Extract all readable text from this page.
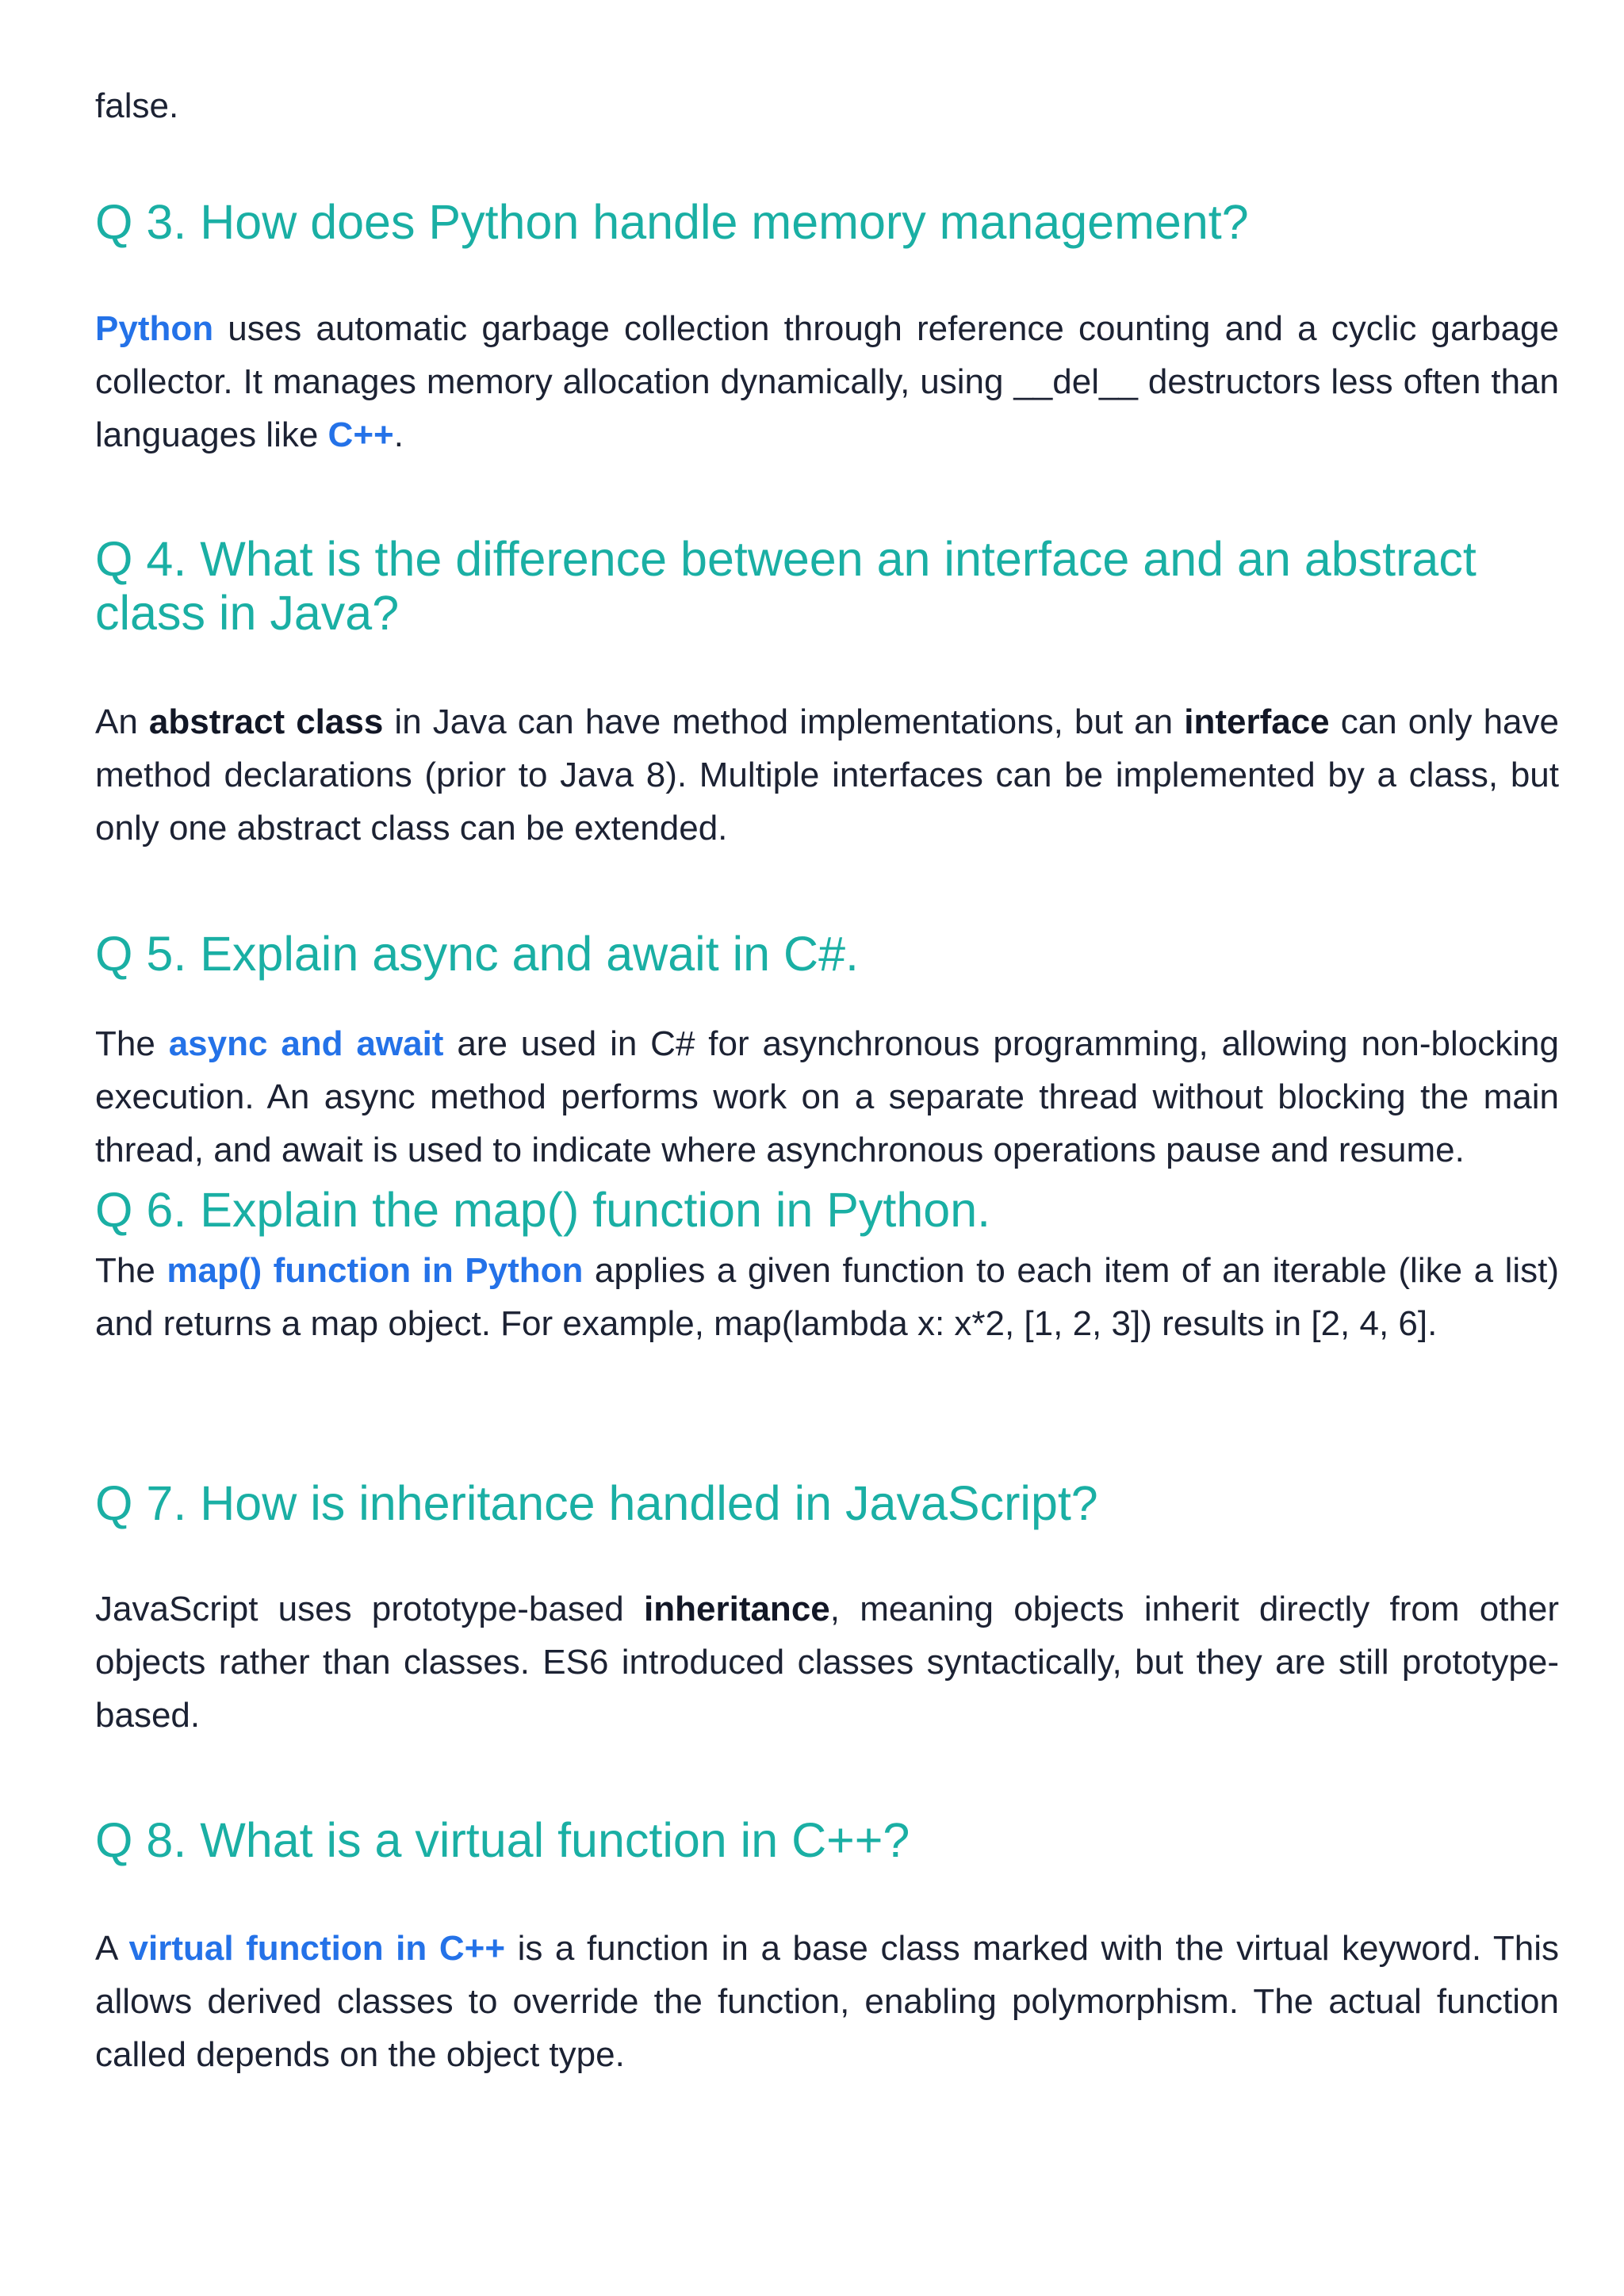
false.

Q 3. How does Python handle memory management?

Python uses automatic garbage collection through reference counting and a cyclic garbage collector. It manages memory allocation dynamically, using __del__ destructors less often than languages like C++.

Q 4. What is the difference between an interface and an abstract class in Java?

An abstract class in Java can have method implementations, but an interface can only have method declarations (prior to Java 8). Multiple interfaces can be implemented by a class, but only one abstract class can be extended.

Q 5. Explain async and await in C#.

The async and await are used in C# for asynchronous programming, allowing non-blocking execution. An async method performs work on a separate thread without blocking the main thread, and await is used to indicate where asynchronous operations pause and resume.

Q 6. Explain the map() function in Python.

The map() function in Python applies a given function to each item of an iterable (like a list) and returns a map object. For example, map(lambda x: x*2, [1, 2, 3]) results in [2, 4, 6].

Q 7. How is inheritance handled in JavaScript?

JavaScript uses prototype-based inheritance, meaning objects inherit directly from other objects rather than classes. ES6 introduced classes syntactically, but they are still prototype-based.

Q 8. What is a virtual function in C++?

A virtual function in C++ is a function in a base class marked with the virtual keyword. This allows derived classes to override the function, enabling polymorphism. The actual function called depends on the object type.
